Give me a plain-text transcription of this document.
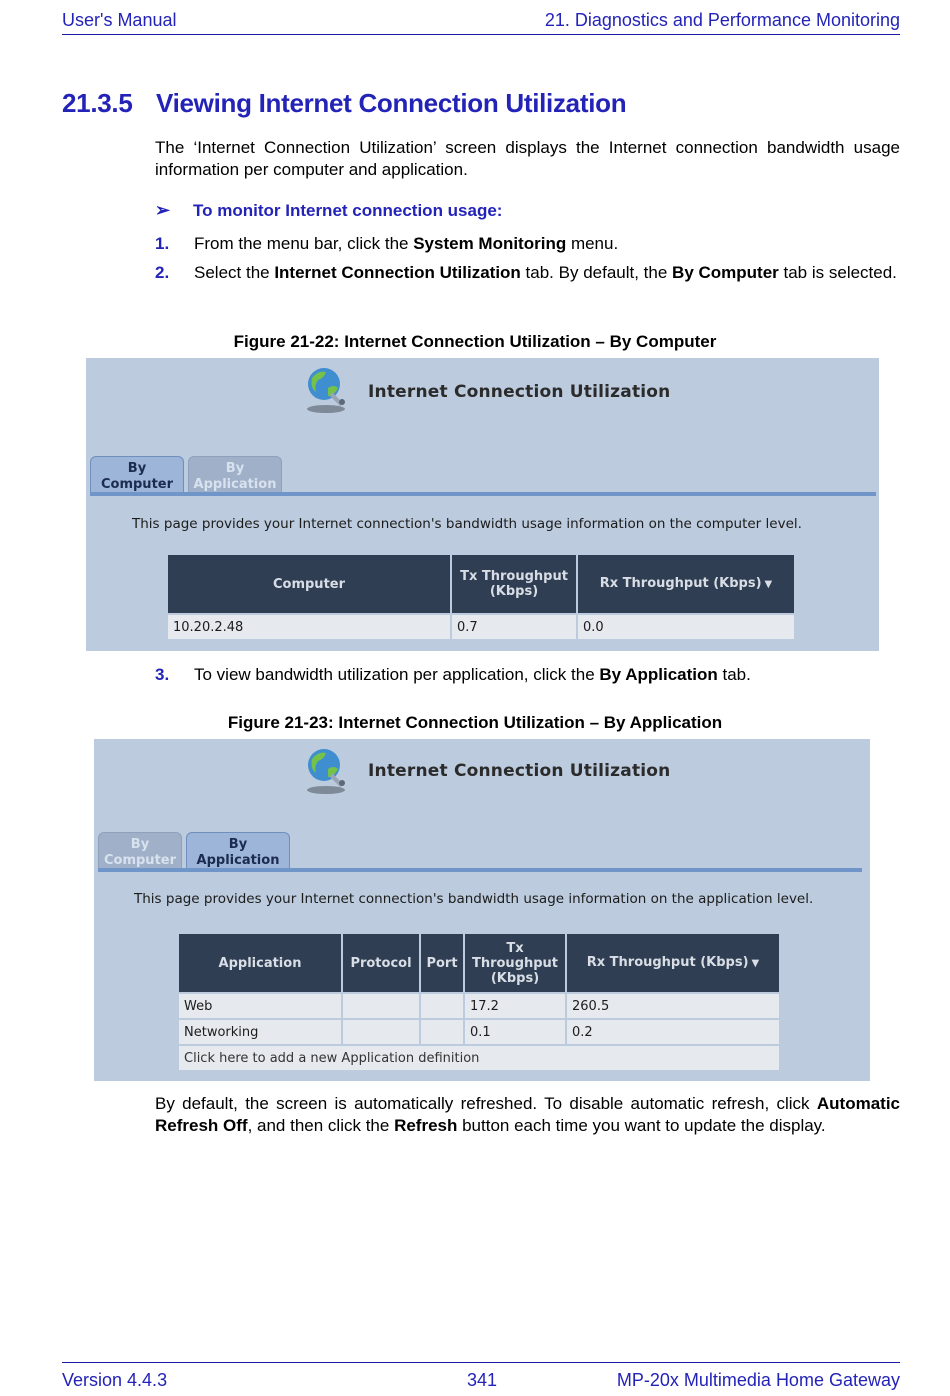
User's Manual	21. Diagnostics and Performance Monitoring
21.3.5 Viewing Internet Connection Utilization

The ‘Internet Connection Utilization’ screen displays the Internet connection bandwidth usage information per computer and application.

➢ To monitor Internet connection usage:
1. From the menu bar, click the System Monitoring menu.
2. Select the Internet Connection Utilization tab. By default, the By Computer tab is selected.
Figure 21-22: Internet Connection Utilization – By Computer
Internet Connection Utilization
By
Computer
By
Application
This page provides your Internet connection's bandwidth usage information on the computer level.
Computer	Tx Throughput (Kbps)	Rx Throughput (Kbps) ▼
10.20.2.48	0.7	0.0
3. To view bandwidth utilization per application, click the By Application tab.
Figure 21-23: Internet Connection Utilization – By Application
Internet Connection Utilization
By
Computer
By
Application
This page provides your Internet connection's bandwidth usage information on the application level.
Application	Protocol	Port	Tx Throughput (Kbps)	Rx Throughput (Kbps) ▼
Web			17.2	260.5
Networking			0.1	0.2
Click here to add a new Application definition				

By default, the screen is automatically refreshed. To disable automatic refresh, click Automatic Refresh Off, and then click the Refresh button each time you want to update the display.

Version 4.4.3	341	MP-20x Multimedia Home Gateway
